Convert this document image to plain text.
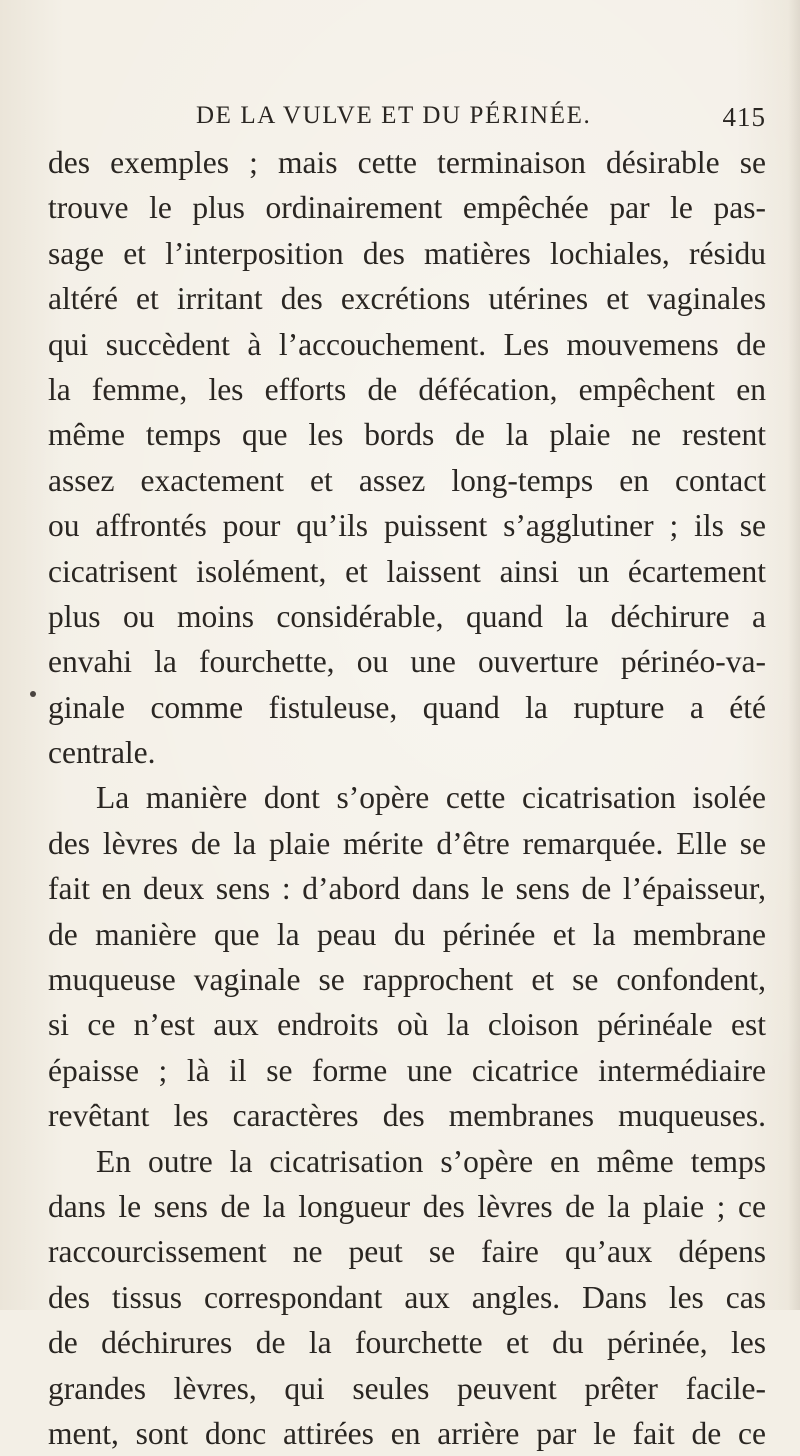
DE LA VULVE ET DU PÉRINÉE.	415
des exemples ; mais cette terminaison désirable se
trouve le plus ordinairement empêchée par le pas-
sage et l’interposition des matières lochiales, résidu
altéré et irritant des excrétions utérines et vaginales
qui succèdent à l’accouchement. Les mouvemens de
la femme, les efforts de défécation, empêchent en
même temps que les bords de la plaie ne restent
assez exactement et assez long-temps en contact
ou affrontés pour qu’ils puissent s’agglutiner ; ils se
cicatrisent isolément, et laissent ainsi un écartement
plus ou moins considérable, quand la déchirure a
envahi la fourchette, ou une ouverture périnéo-va-
ginale comme fistuleuse, quand la rupture a été
centrale.
La manière dont s’opère cette cicatrisation isolée
des lèvres de la plaie mérite d’être remarquée. Elle se
fait en deux sens : d’abord dans le sens de l’épaisseur,
de manière que la peau du périnée et la membrane
muqueuse vaginale se rapprochent et se confondent,
si ce n’est aux endroits où la cloison périnéale est
épaisse ; là il se forme une cicatrice intermédiaire
revêtant les caractères des membranes muqueuses.
En outre la cicatrisation s’opère en même temps
dans le sens de la longueur des lèvres de la plaie ; ce
raccourcissement ne peut se faire qu’aux dépens
des tissus correspondant aux angles. Dans les cas
de déchirures de la fourchette et du périnée, les
grandes lèvres, qui seules peuvent prêter facile-
ment, sont donc attirées en arrière par le fait de ce
